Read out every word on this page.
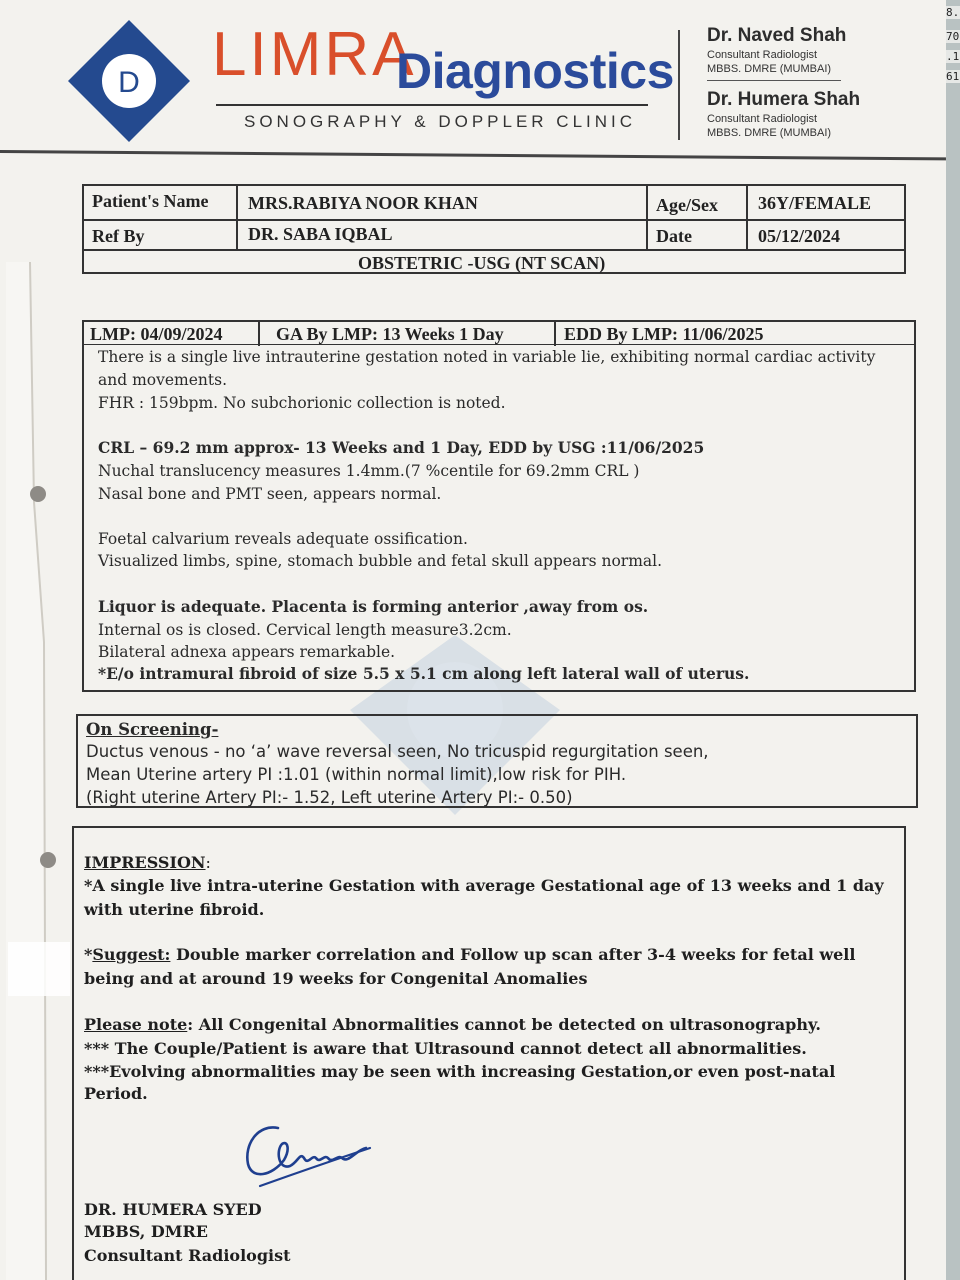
8.
70
.1
61
D LIMRA
Diagnostics
SONOGRAPHY & DOPPLER CLINIC
Dr. Naved Shah
Consultant Radiologist
MBBS. DMRE (MUMBAI)
Dr. Humera Shah
Consultant Radiologist
MBBS. DMRE (MUMBAI)
Patient's Name MRS.RABIYA NOOR KHAN	Age/Sex 36Y/FEMALE
Ref By	DR. SABA IQBAL	Date	05/12/2024
OBSTETRIC -USG (NT SCAN)
LMP: 04/09/2024	GA By LMP: 13 Weeks 1 Day	EDD By LMP: 11/06/2025
There is a single live intrauterine gestation noted in variable lie, exhibiting normal cardiac activity
and movements.
FHR : 159bpm. No subchorionic collection is noted.
CRL – 69.2 mm approx- 13 Weeks and 1 Day, EDD by USG :11/06/2025
Nuchal translucency measures 1.4mm.(7 %centile for 69.2mm CRL )
Nasal bone and PMT seen, appears normal.
Foetal calvarium reveals adequate ossification.
Visualized limbs, spine, stomach bubble and fetal skull appears normal.
Liquor is adequate. Placenta is forming anterior ,away from os.
Internal os is closed. Cervical length measure3.2cm.
Bilateral adnexa appears remarkable.
*E/o intramural fibroid of size 5.5 x 5.1 cm along left lateral wall of uterus.
On Screening-
Ductus venous - no ‘a’ wave reversal seen, No tricuspid regurgitation seen,
Mean Uterine artery PI :1.01 (within normal limit),low risk for PIH.
(Right uterine Artery PI:- 1.52, Left uterine Artery PI:- 0.50)
IMPRESSION:
*A single live intra-uterine Gestation with average Gestational age of 13 weeks and 1 day
with uterine fibroid.
*Suggest: Double marker correlation and Follow up scan after 3-4 weeks for fetal well
being and at around 19 weeks for Congenital Anomalies
Please note: All Congenital Abnormalities cannot be detected on ultrasonography.
*** The Couple/Patient is aware that Ultrasound cannot detect all abnormalities.
***Evolving abnormalities may be seen with increasing Gestation,or even post-natal
Period.
DR. HUMERA SYED
MBBS, DMRE
Consultant Radiologist
